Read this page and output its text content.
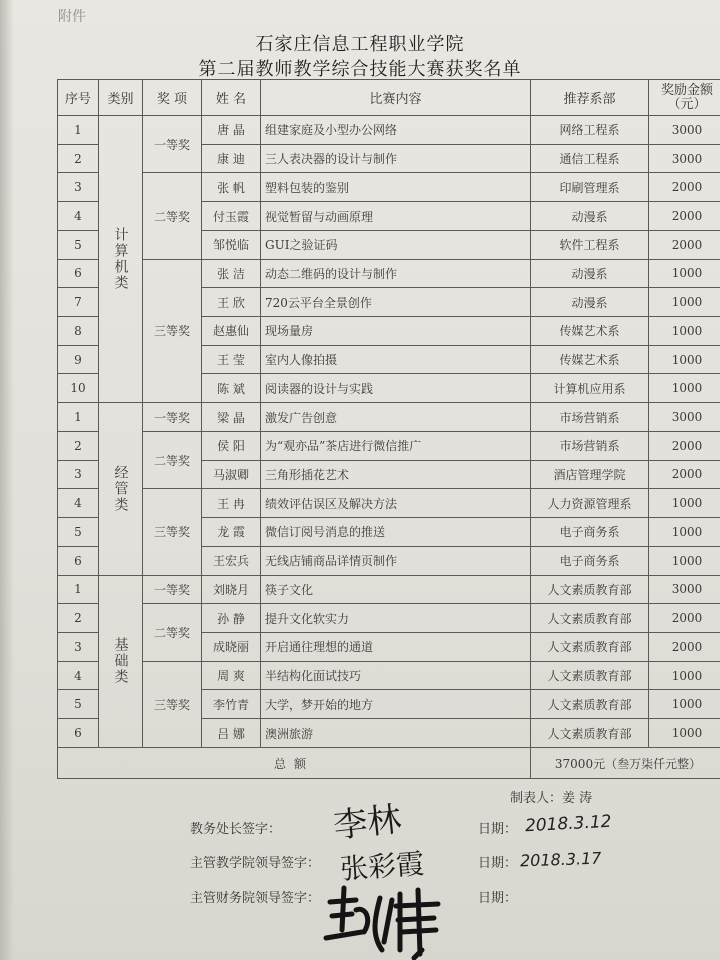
附件
石家庄信息工程职业学院
第二届教师教学综合技能大赛获奖名单
序号	类别	奖 项	姓 名	比赛内容	推荐系部	奖励金额（元）
1	计算机类	一等奖	唐 晶	组建家庭及小型办公网络	网络工程系	3000
2			康 迪	三人表决器的设计与制作	通信工程系	3000
3		二等奖	张 帆	塑料包装的鉴别	印刷管理系	2000
4			付玉霞	视觉暂留与动画原理	动漫系	2000
5			邹悦临	GUI之验证码	软件工程系	2000
6		三等奖	张 洁	动态二维码的设计与制作	动漫系	1000
7			王 欣	720云平台全景创作	动漫系	1000
8			赵惠仙	现场量房	传媒艺术系	1000
9			王 莹	室内人像拍摄	传媒艺术系	1000
10			陈 斌	阅读器的设计与实践	计算机应用系	1000
1	经管类	一等奖	梁 晶	激发广告创意	市场营销系	3000
2		二等奖	侯 阳	为“观亦品”茶店进行微信推广	市场营销系	2000
3			马淑卿	三角形插花艺术	酒店管理学院	2000
4		三等奖	王 冉	绩效评估误区及解决方法	人力资源管理系	1000
5			龙 霞	微信订阅号消息的推送	电子商务系	1000
6			王宏兵	无线店铺商品详情页制作	电子商务系	1000
1	基础类	一等奖	刘晓月	筷子文化	人文素质教育部	3000
2		二等奖	孙 静	提升文化软实力	人文素质教育部	2000
3			成晓丽	开启通往理想的通道	人文素质教育部	2000
4		三等奖	周 爽	半结构化面试技巧	人文素质教育部	1000
5			李竹青	大学，梦开始的地方	人文素质教育部	1000
6			吕 娜	澳洲旅游	人文素质教育部	1000
总额					37000元（叁万柒仟元整）	
制表人：姜 涛
教务处长签字：	日期：
主管教学院领导签字：	日期：
主管财务院领导签字：	日期：
李林	2018.3.12
张彩霞	2018.3.17
